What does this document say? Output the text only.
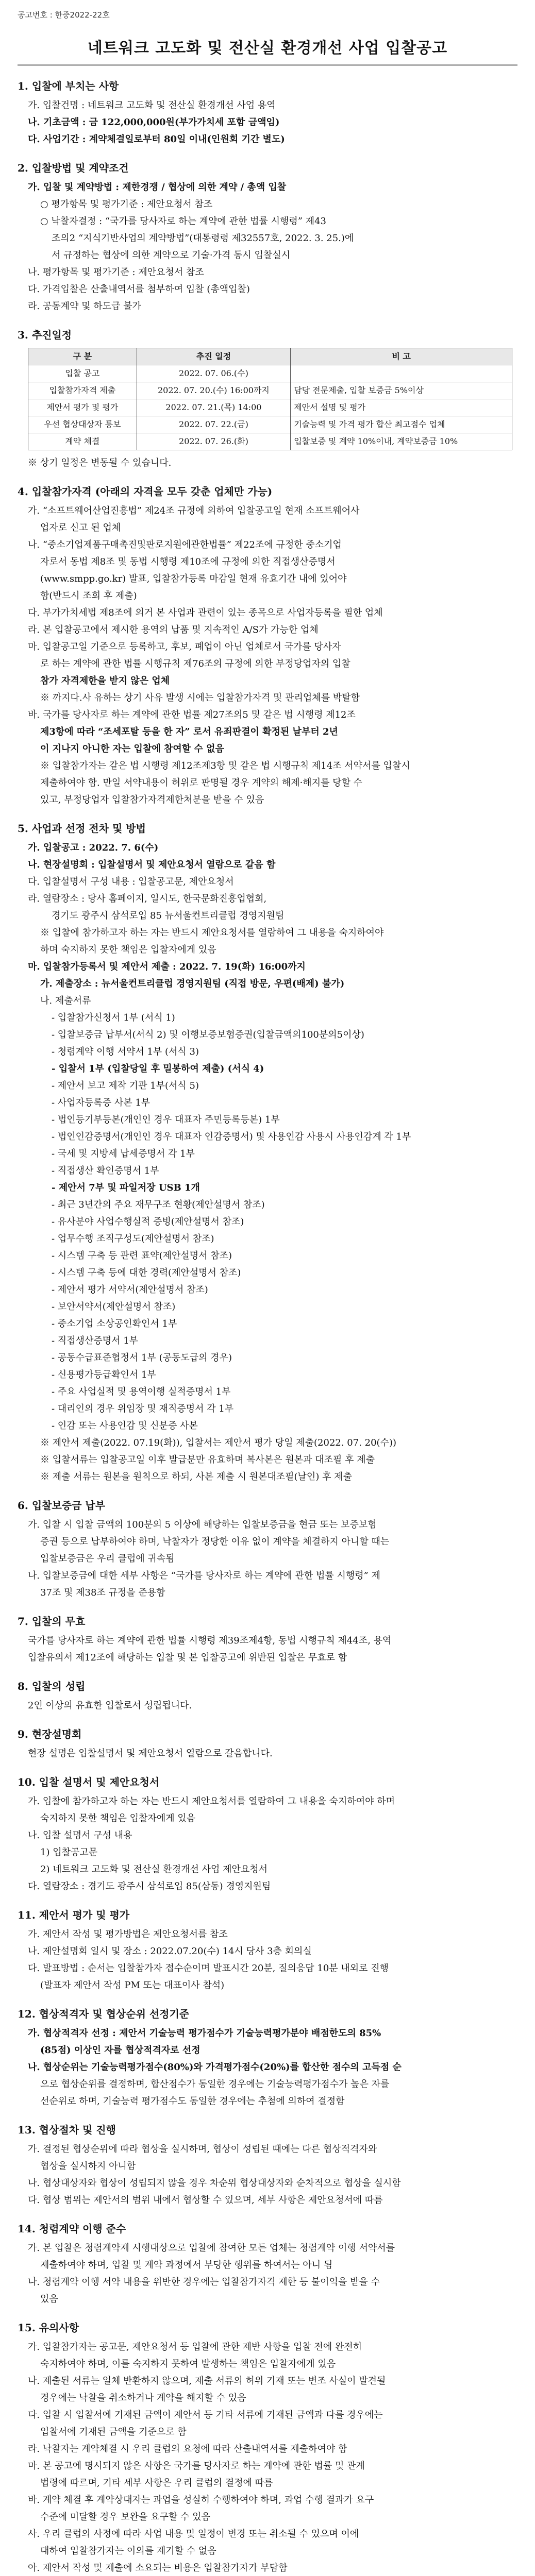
공고번호 : 한중2022-22호
네트워크 고도화 및 전산실 환경개선 사업 입찰공고
1. 입찰에 부치는 사항

가. 입찰건명 : 네트워크 고도화 및 전산실 환경개선 사업 용역

나. 기초금액 : 금 122,000,000원(부가가치세 포함 금액임)

다. 사업기간 : 계약체결일로부터 80일 이내(인원회 기간 별도)

2. 입찰방법 및 계약조건

가. 입찰 및 계약방법 : 제한경쟁 / 협상에 의한 계약 / 총액 입찰

○ 평가항목 및 평가기준 : 제안요청서 참조

○ 낙찰자결정 : “국가를 당사자로 하는 계약에 관한 법률 시행령” 제43

조의2 “지식기반사업의 계약방법”(대통령령 제32557호, 2022. 3. 25.)에

서 규정하는 협상에 의한 계약으로 기술·가격 동시 입찰실시

나. 평가항목 및 평가기준 : 제안요청서 참조

다. 가격입찰은 산출내역서를 첨부하여 입찰 (총액입찰)

라. 공동계약 및 하도급 불가

3. 추진일정
구 분	추진 일정	비 고
입찰 공고	2022. 07. 06.(수)	
입찰참가자격 제출	2022. 07. 20.(수) 16:00까지	담당 전문제출, 입찰 보증금 5%이상
제안서 평가 및 평가	2022. 07. 21.(목) 14:00	제안서 설명 및 평가
우선 협상대상자 통보	2022. 07. 22.(금)	기술능력 및 가격 평가 합산 최고점수 업체
계약 체결	2022. 07. 26.(화)	입찰보증 및 계약 10%이내, 계약보증금 10%

※ 상기 일정은 변동될 수 있습니다.

4. 입찰참가자격 (아래의 자격을 모두 갖춘 업체만 가능)

가. “소프트웨어산업진흥법” 제24조 규정에 의하여 입찰공고일 현재 소프트웨어사

업자로 신고 된 업체

나. “중소기업제품구매촉진및판로지원에관한법률” 제22조에 규정한 중소기업

자로서 동법 제8조 및 동법 시행령 제10조에 규정에 의한 직접생산증명서

(www.smpp.go.kr) 발표, 입찰참가등록 마감일 현재 유효기간 내에 있어야

함(반드시 조회 후 제출)

다. 부가가치세법 제8조에 의거 본 사업과 관련이 있는 종목으로 사업자등록을 필한 업체

라. 본 입찰공고에서 제시한 용역의 납품 및 지속적인 A/S가 가능한 업체

마. 입찰공고일 기준으로 등록하고, 후보, 폐업이 아닌 업체로서 국가를 당사자

로 하는 계약에 관한 법률 시행규칙 제76조의 규정에 의한 부정당업자의 입찰

참가 자격제한을 받지 않은 업체

※ 까지다.사 유하는 상기 사유 발생 시에는 입찰참가자격 및 관리업체를 박탈함

바. 국가를 당사자로 하는 계약에 관한 법률 제27조의5 및 같은 법 시행령 제12조

제3항에 따라 “조세포탈 등을 한 자” 로서 유죄판결이 확정된 날부터 2년

이 지나지 아니한 자는 입찰에 참여할 수 없음

※ 입찰참가자는 같은 법 시행령 제12조제3항 및 같은 법 시행규칙 제14조 서약서를 입찰시

제출하여야 함. 만일 서약내용이 허위로 판명될 경우 계약의 해제·해지를 당할 수

있고, 부정당업자 입찰참가자격제한처분을 받을 수 있음

5. 사업과 선정 전차 및 방법

가. 입찰공고 : 2022. 7. 6(수)

나. 현장설명회 : 입찰설명서 및 제안요청서 열람으로 갈음 함

다. 입찰설명서 구성 내용 : 입찰공고문, 제안요청서

라. 열람장소 : 당사 홈페이지, 일시도, 한국문화진흥업협회,

경기도 광주시 삼석로입 85 뉴서울컨트리클럽 경영지원팀

※ 입찰에 참가하고자 하는 자는 반드시 제안요청서를 열람하여 그 내용을 숙지하여야

하며 숙지하지 못한 책임은 입찰자에게 있음

마. 입찰참가등록서 및 제안서 제출 : 2022. 7. 19(화) 16:00까지

가. 제출장소 : 뉴서울컨트리클럽 경영지원팀 (직접 방문, 우편(배제) 불가)

나. 제출서류

- 입찰참가신청서 1부 (서식 1)

- 입찰보증금 납부서(서식 2) 및 이행보증보험증권(입찰금액의100분의5이상)

- 청렴계약 이행 서약서 1부 (서식 3)

- 입찰서 1부 (입찰당일 후 밀봉하여 제출) (서식 4)

- 제안서 보고 제작 기관 1부(서식 5)

- 사업자등록증 사본 1부

- 법인등기부등본(개인인 경우 대표자 주민등록등본) 1부

- 법인인감증명서(개인인 경우 대표자 인감증명서) 및 사용인감 사용시 사용인감계 각 1부

- 국세 및 지방세 납세증명서 각 1부

- 직접생산 확인증명서 1부

- 제안서 7부 및 파일저장 USB 1개

- 최근 3년간의 주요 재무구조 현황(제안설명서 참조)

- 유사분야 사업수행실적 증빙(제안설명서 참조)

- 업무수행 조직구성도(제안설명서 참조)

- 시스템 구축 등 관련 표약(제안설명서 참조)

- 시스템 구축 등에 대한 경력(제안설명서 참조)

- 제안서 평가 서약서(제안설명서 참조)

- 보안서약서(제안설명서 참조)

- 중소기업 소상공인확인서 1부

- 직접생산증명서 1부

- 공동수급표준협정서 1부 (공동도급의 경우)

- 신용평가등급확인서 1부

- 주요 사업실적 및 용역이행 실적증명서 1부

- 대리인의 경우 위임장 및 재직증명서 각 1부

- 인감 또는 사용인감 및 신분증 사본

※ 제안서 제출(2022. 07.19(화)), 입찰서는 제안서 평가 당일 제출(2022. 07. 20(수))

※ 입찰서류는 입찰공고일 이후 발급분만 유효하며 복사본은 원본과 대조필 후 제출

※ 제출 서류는 원본을 원칙으로 하되, 사본 제출 시 원본대조필(날인) 후 제출

6. 입찰보증금 납부

가. 입찰 시 입찰 금액의 100분의 5 이상에 해당하는 입찰보증금을 현금 또는 보증보험

증권 등으로 납부하여야 하며, 낙찰자가 정당한 이유 없이 계약을 체결하지 아니할 때는

입찰보증금은 우리 클럽에 귀속됨

나. 입찰보증금에 대한 세부 사항은 “국가를 당사자로 하는 계약에 관한 법률 시행령” 제

37조 및 제38조 규정을 준용함

7. 입찰의 무효

국가를 당사자로 하는 계약에 관한 법률 시행령 제39조제4항, 동법 시행규칙 제44조, 용역

입찰유의서 제12조에 해당하는 입찰 및 본 입찰공고에 위반된 입찰은 무효로 함

8. 입찰의 성립

2인 이상의 유효한 입찰로서 성립됩니다.

9. 현장설명회

현장 설명은 입찰설명서 및 제안요청서 열람으로 갈음합니다.

10. 입찰 설명서 및 제안요청서

가. 입찰에 참가하고자 하는 자는 반드시 제안요청서를 열람하여 그 내용을 숙지하여야 하며

숙지하지 못한 책임은 입찰자에게 있음

나. 입찰 설명서 구성 내용

1) 입찰공고문

2) 네트워크 고도화 및 전산실 환경개선 사업 제안요청서

다. 열람장소 : 경기도 광주시 삼석로입 85(삼동) 경영지원팀

11. 제안서 평가 및 평가

가. 제안서 작성 및 평가방법은 제안요청서를 참조

나. 제안설명회 일시 및 장소 : 2022.07.20(수) 14시 당사 3층 회의실

다. 발표방법 : 순서는 입찰참가자 접수순이며 발표시간 20분, 질의응답 10분 내외로 진행

(발표자 제안서 작성 PM 또는 대표이사 참석)

12. 협상적격자 및 협상순위 선정기준

가. 협상적격자 선정 : 제안서 기술능력 평가점수가 기술능력평가분야 배점한도의 85%

(85점) 이상인 자를 협상적격자로 선정

나. 협상순위는 기술능력평가점수(80%)와 가격평가점수(20%)를 합산한 점수의 고득점 순

으로 협상순위를 결정하며, 합산점수가 동일한 경우에는 기술능력평가점수가 높은 자를

선순위로 하며, 기술능력 평가점수도 동일한 경우에는 추첨에 의하여 결정함

13. 협상절차 및 진행

가. 결정된 협상순위에 따라 협상을 실시하며, 협상이 성립된 때에는 다른 협상적격자와

협상을 실시하지 아니함

나. 협상대상자와 협상이 성립되지 않을 경우 차순위 협상대상자와 순차적으로 협상을 실시함

다. 협상 범위는 제안서의 범위 내에서 협상할 수 있으며, 세부 사항은 제안요청서에 따름

14. 청렴계약 이행 준수

가. 본 입찰은 청렴계약제 시행대상으로 입찰에 참여한 모든 업체는 청렴계약 이행 서약서를

제출하여야 하며, 입찰 및 계약 과정에서 부당한 행위를 하여서는 아니 됨

나. 청렴계약 이행 서약 내용을 위반한 경우에는 입찰참가자격 제한 등 불이익을 받을 수

있음

15. 유의사항

가. 입찰참가자는 공고문, 제안요청서 등 입찰에 관한 제반 사항을 입찰 전에 완전히

숙지하여야 하며, 이를 숙지하지 못하여 발생하는 책임은 입찰자에게 있음

나. 제출된 서류는 일체 반환하지 않으며, 제출 서류의 허위 기재 또는 변조 사실이 발견될

경우에는 낙찰을 취소하거나 계약을 해지할 수 있음

다. 입찰 시 입찰서에 기재된 금액이 제안서 등 기타 서류에 기재된 금액과 다를 경우에는

입찰서에 기재된 금액을 기준으로 함

라. 낙찰자는 계약체결 시 우리 클럽의 요청에 따라 산출내역서를 제출하여야 함

마. 본 공고에 명시되지 않은 사항은 국가를 당사자로 하는 계약에 관한 법률 및 관계

법령에 따르며, 기타 세부 사항은 우리 클럽의 결정에 따름

바. 계약 체결 후 계약상대자는 과업을 성실히 수행하여야 하며, 과업 수행 결과가 요구

수준에 미달할 경우 보완을 요구할 수 있음

사. 우리 클럽의 사정에 따라 사업 내용 및 일정이 변경 또는 취소될 수 있으며 이에

대하여 입찰참가자는 이의를 제기할 수 없음

아. 제안서 작성 및 제출에 소요되는 비용은 입찰참가자가 부담함
